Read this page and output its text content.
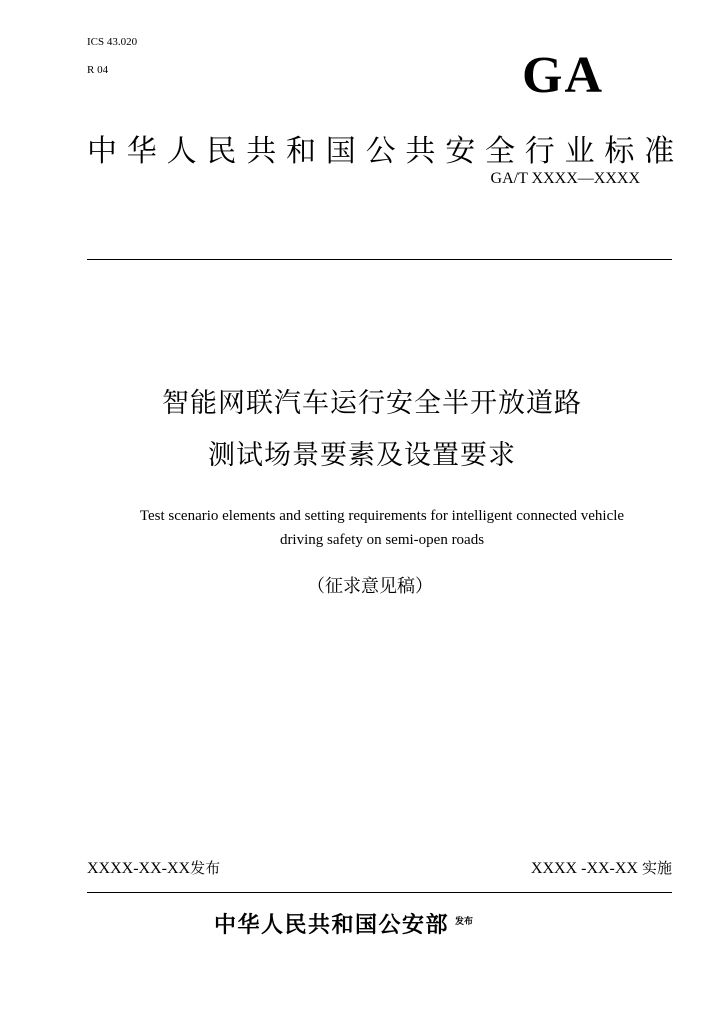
ICS 43.020
R 04	GA
中华人民共和国公共安全行业标准
GA/T XXXX—XXXX
智能网联汽车运行安全半开放道路
测试场景要素及设置要求
Test scenario elements and setting requirements for intelligent connected vehicle
driving safety on semi-open roads
（征求意见稿）
XXXX-XX-XX发布	XXXX -XX-XX 实施
中华人民共和国公安部 $^{发布}$
